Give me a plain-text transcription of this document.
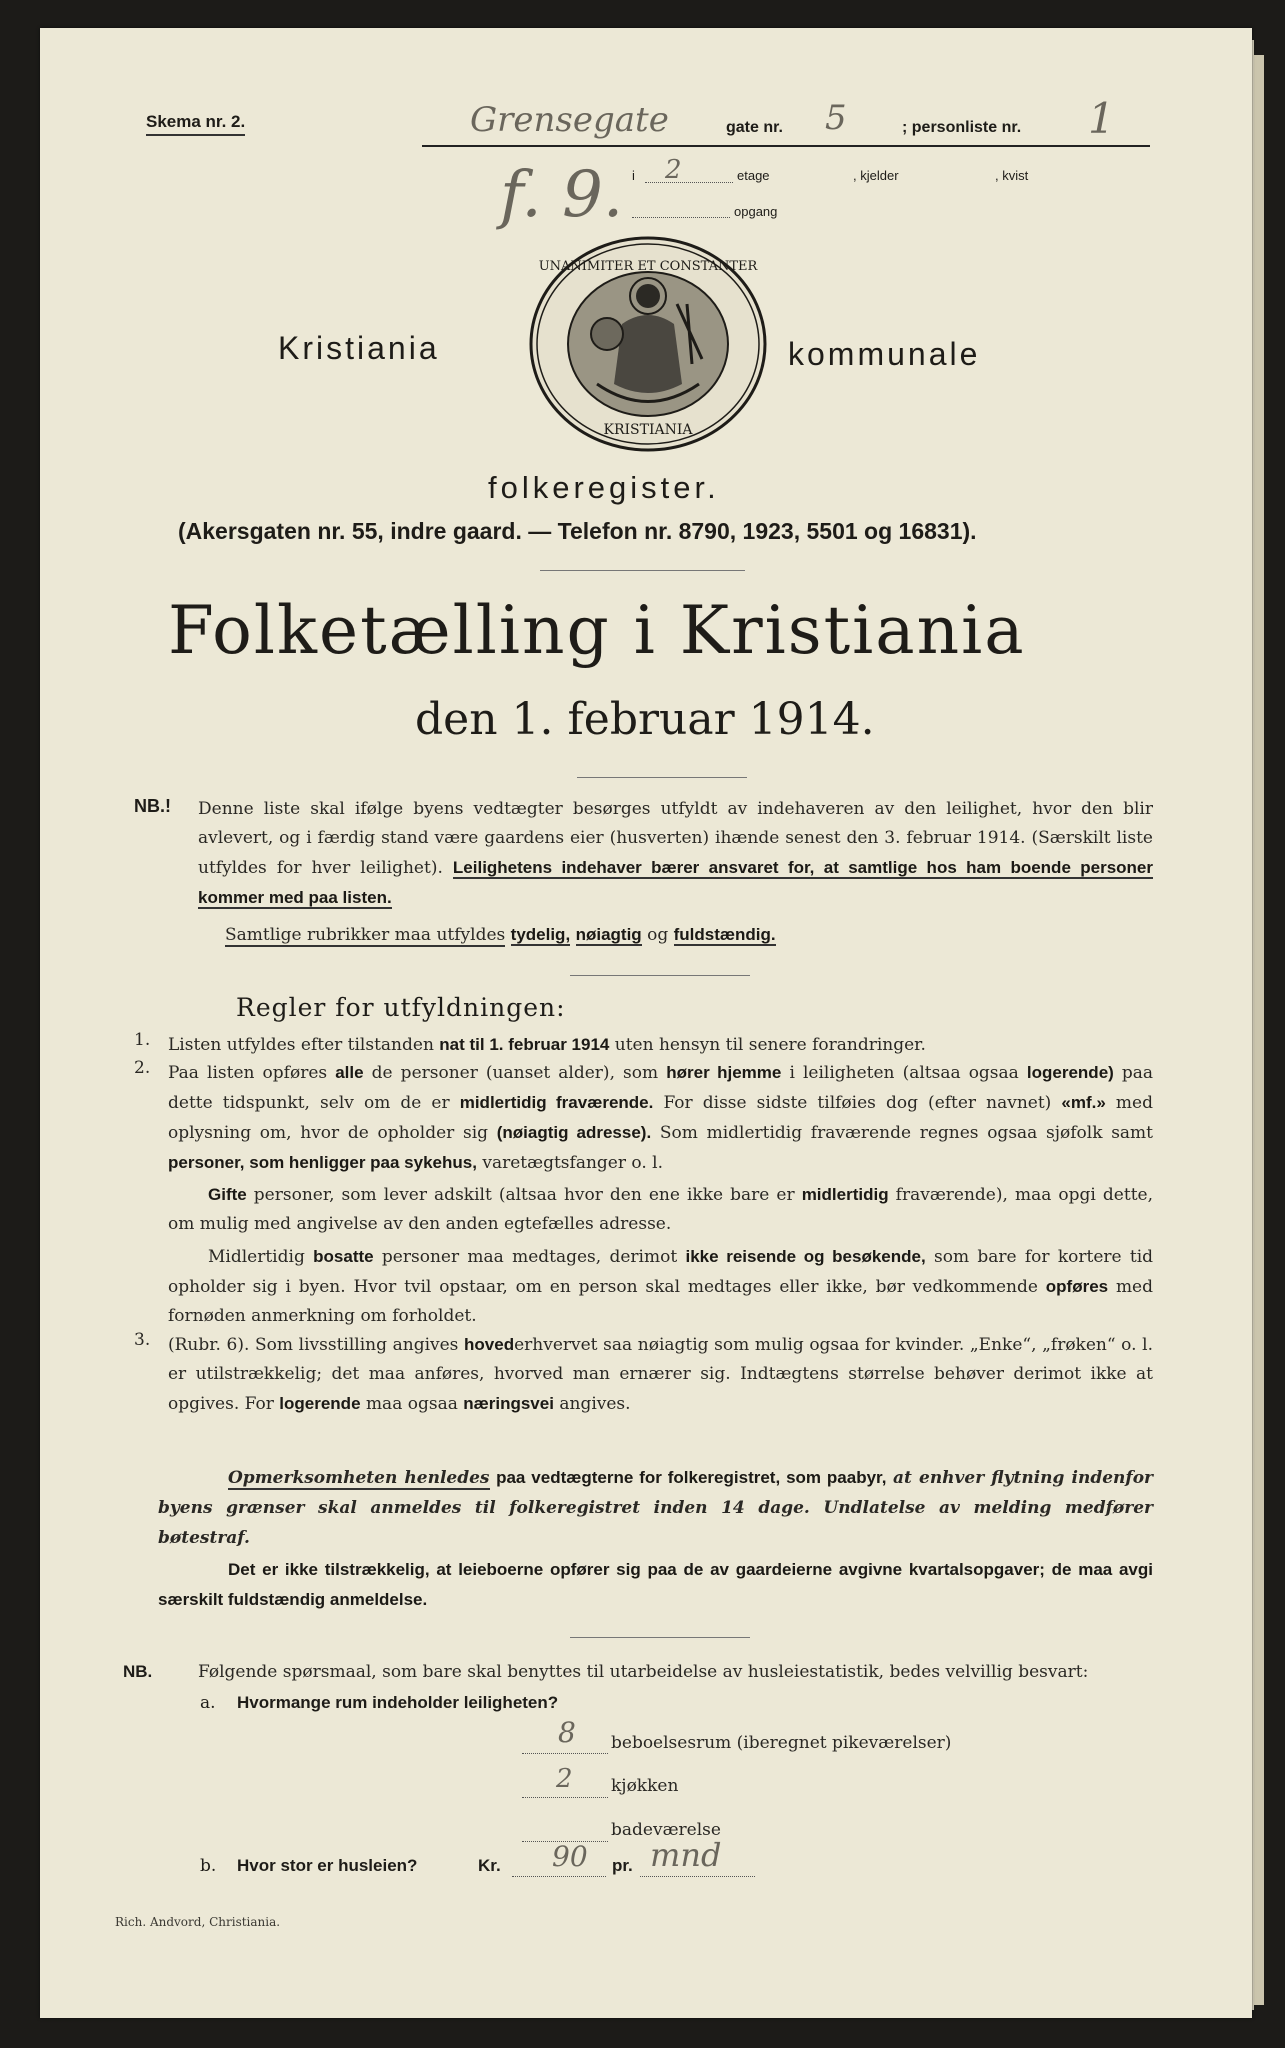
Skema nr. 2.	Grensegate	gate nr. 5	; personliste nr. 1
f. 9. i 2	etage	, kjelder	, kvist
opgang
Kristiania	kommunale
UNANIMITER ET CONSTANTER
KRISTIANIA
folkeregister.
(Akersgaten nr. 55, indre gaard. — Telefon nr. 8790, 1923, 5501 og 16831).
Folketælling i Kristiania
den 1. februar 1914.
NB.! Denne liste skal ifølge byens vedtægter besørges utfyldt av indehaveren av den leilighet, hvor den blir avlevert, og i færdig stand være gaardens eier (husverten) ihænde senest den 3. februar 1914. (Særskilt liste utfyldes for hver leilighet). Leilighetens indehaver bærer ansvaret for, at samtlige hos ham boende personer kommer med paa listen.
Samtlige rubrikker maa utfyldes tydelig, nøiagtig og fuldstændig.
Regler for utfyldningen:
1. Listen utfyldes efter tilstanden nat til 1. februar 1914 uten hensyn til senere forandringer.
2. Paa listen opføres alle de personer (uanset alder), som hører hjemme i leiligheten (altsaa ogsaa logerende) paa dette tidspunkt, selv om de er midlertidig fraværende. For disse sidste tilføies dog (efter navnet) «mf.» med oplysning om, hvor de opholder sig (nøiagtig adresse). Som midlertidig fraværende regnes ogsaa sjøfolk samt personer, som henligger paa sykehus, varetægtsfanger o. l.
Gifte personer, som lever adskilt (altsaa hvor den ene ikke bare er midlertidig fraværende), maa opgi dette, om mulig med angivelse av den anden egtefælles adresse.
Midlertidig bosatte personer maa medtages, derimot ikke reisende og besøkende, som bare for kortere tid opholder sig i byen. Hvor tvil opstaar, om en person skal medtages eller ikke, bør vedkommende opføres med fornøden anmerkning om forholdet.
3. (Rubr. 6). Som livsstilling angives hovederhvervet saa nøiagtig som mulig ogsaa for kvinder. „Enke“, „frøken“ o. l. er utilstrækkelig; det maa anføres, hvorved man ernærer sig. Indtægtens størrelse behøver derimot ikke at opgives. For logerende maa ogsaa næringsvei angives.
Opmerksomheten henledes paa vedtægterne for folkeregistret, som paabyr, at enhver flytning indenfor byens grænser skal anmeldes til folkeregistret inden 14 dage. Undlatelse av melding medfører bøtestraf.
Det er ikke tilstrækkelig, at leieboerne opfører sig paa de av gaardeierne avgivne kvartalsopgaver; de maa avgi særskilt fuldstændig anmeldelse.
NB.	Følgende spørsmaal, som bare skal benyttes til utarbeidelse av husleiestatistik, bedes velvillig besvart:
a. Hvormange rum indeholder leiligheten?
8 beboelsesrum (iberegnet pikeværelser)
2 kjøkken
badeværelse
b. Hvor stor er husleien?	Kr. 90 pr. mnd
Rich. Andvord, Christiania.
